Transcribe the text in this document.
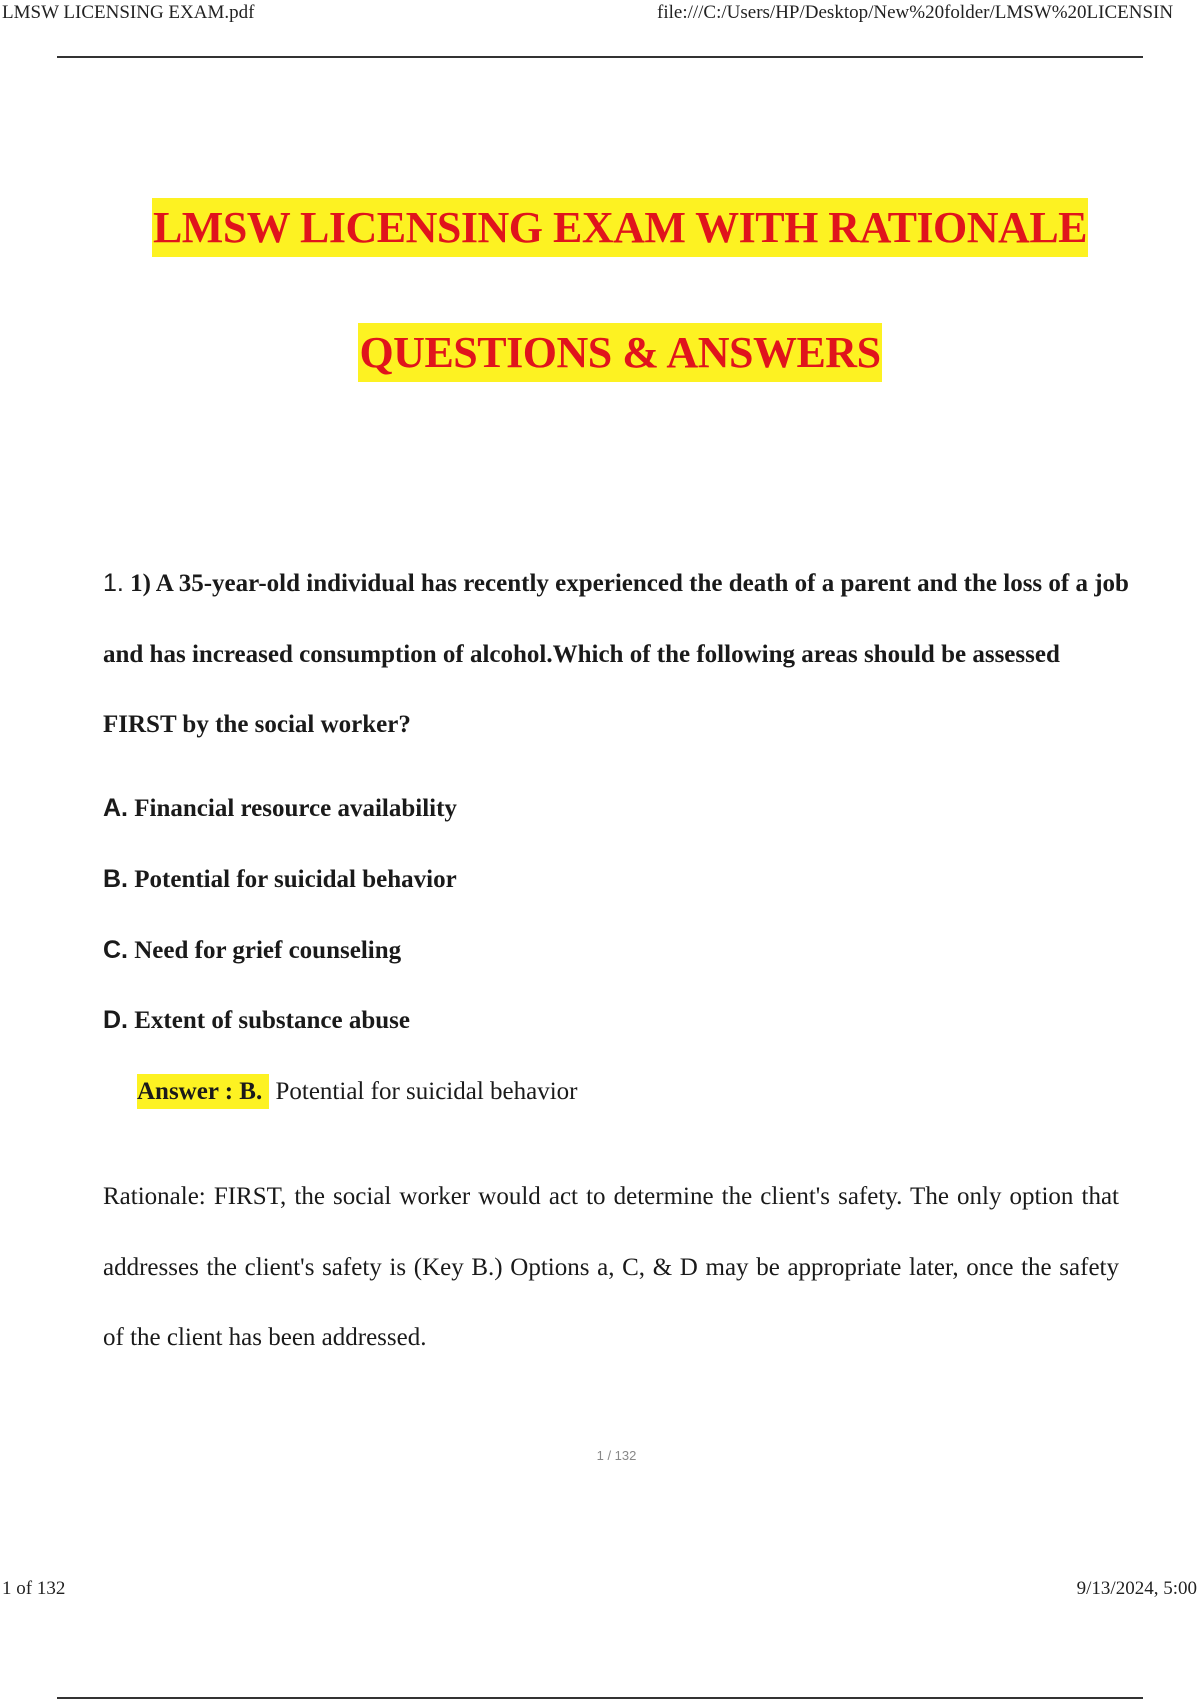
LMSW LICENSING EXAM.pdf	file:///C:/Users/HP/Desktop/New%20folder/LMSW%20LICENSIN
LMSW LICENSING EXAM WITH RATIONALE
QUESTIONS & ANSWERS
1. 1) A 35-year-old individual has recently experienced the death of a parent and the loss of a job and has increased consumption of alcohol.Which of the following areas should be assessed FIRST by the social worker?
A. Financial resource availability
B. Potential for suicidal behavior
C. Need for grief counseling
D. Extent of substance abuse
Answer : B. Potential for suicidal behavior
Rationale: FIRST, the social worker would act to determine the client's safety. The only option that addresses the client's safety is (Key B.) Options a, C, & D may be appropriate later, once the safety of the client has been addressed.
1 / 132
1 of 132	9/13/2024, 5:00
